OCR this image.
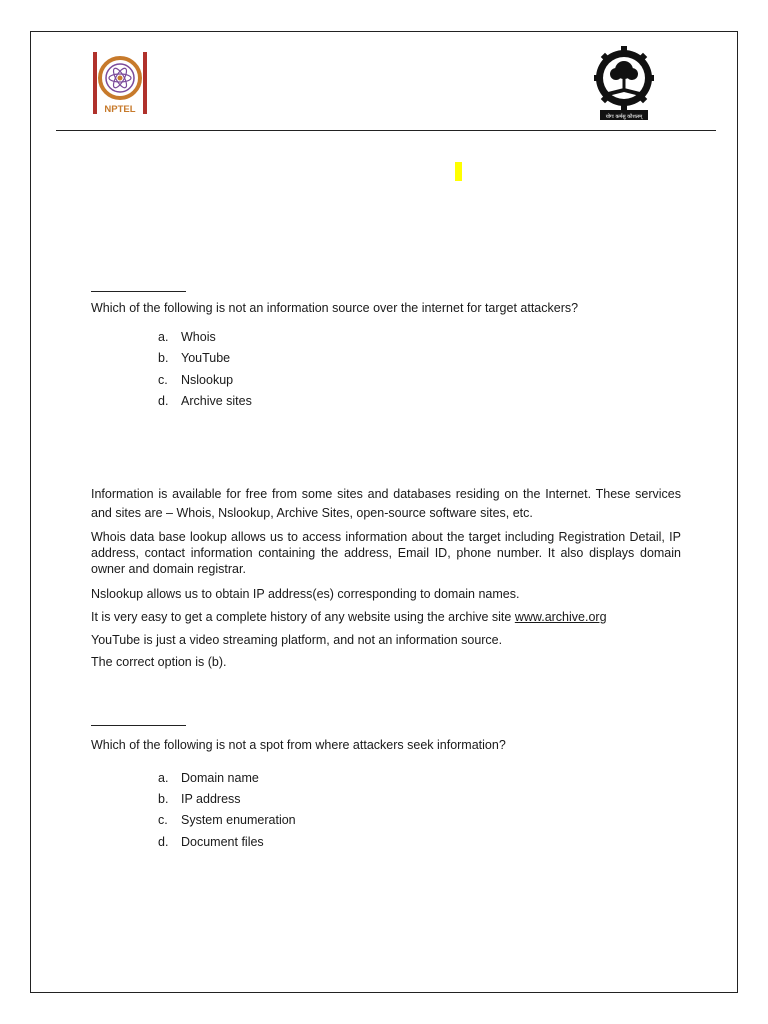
NPTEL
योगः कर्मसु कौशलम्
Which of the following is not an information source over the internet for target attackers?
a. Whois
b. YouTube
c. Nslookup
d. Archive sites
Information is available for free from some sites and databases residing on the Internet. These services and sites are – Whois, Nslookup, Archive Sites, open-source software sites, etc.
Whois data base lookup allows us to access information about the target including Registration Detail, IP address, contact information containing the address, Email ID, phone number. It also displays domain owner and domain registrar.
Nslookup allows us to obtain IP address(es) corresponding to domain names.
It is very easy to get a complete history of any website using the archive site www.archive.org
YouTube is just a video streaming platform, and not an information source.
The correct option is (b).
Which of the following is not a spot from where attackers seek information?
a. Domain name
b. IP address
c. System enumeration
d. Document files
